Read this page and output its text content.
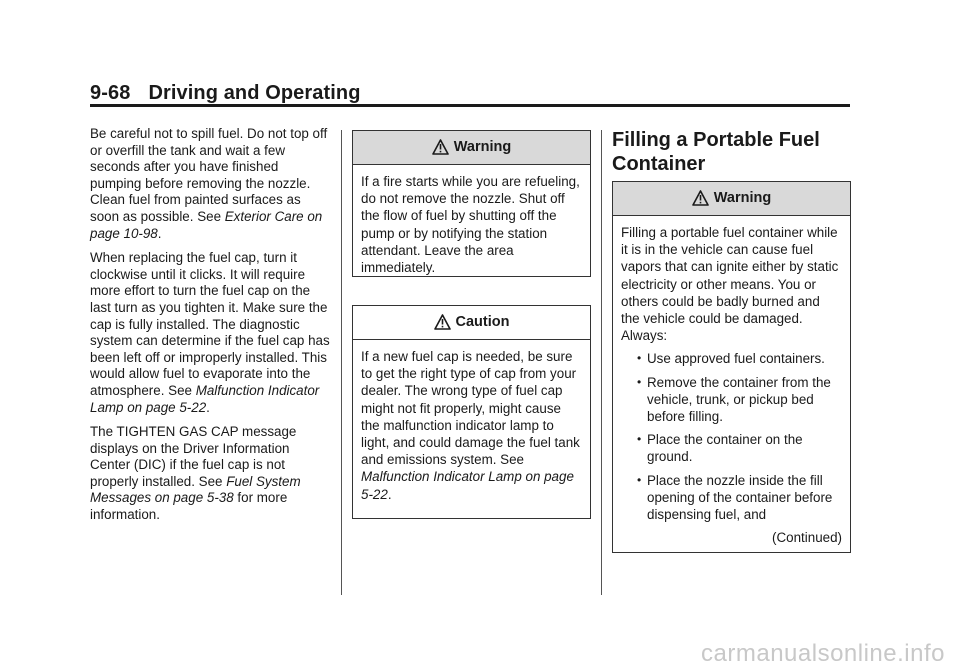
9-68 Driving and Operating

Be careful not to spill fuel. Do not top off or overfill the tank and wait a few seconds after you have finished pumping before removing the nozzle. Clean fuel from painted surfaces as soon as possible. See Exterior Care on page 10-98.

When replacing the fuel cap, turn it clockwise until it clicks. It will require more effort to turn the fuel cap on the last turn as you tighten it. Make sure the cap is fully installed. The diagnostic system can determine if the fuel cap has been left off or improperly installed. This would allow fuel to evaporate into the atmosphere. See Malfunction Indicator Lamp on page 5-22.

The TIGHTEN GAS CAP message displays on the Driver Information Center (DIC) if the fuel cap is not properly installed. See Fuel System Messages on page 5-38 for more information.

Warning

If a fire starts while you are refueling, do not remove the nozzle. Shut off the flow of fuel by shutting off the pump or by notifying the station attendant. Leave the area immediately.

Caution

If a new fuel cap is needed, be sure to get the right type of cap from your dealer. The wrong type of fuel cap might not fit properly, might cause the malfunction indicator lamp to light, and could damage the fuel tank and emissions system. See Malfunction Indicator Lamp on page 5-22.

Filling a Portable Fuel Container
Warning

Filling a portable fuel container while it is in the vehicle can cause fuel vapors that can ignite either by static electricity or other means. You or others could be badly burned and the vehicle could be damaged. Always:

• Use approved fuel containers.
• Remove the container from the vehicle, trunk, or pickup bed before filling.
• Place the container on the ground.
• Place the nozzle inside the fill opening of the container before dispensing fuel, and
(Continued)
carmanualsonline.info
